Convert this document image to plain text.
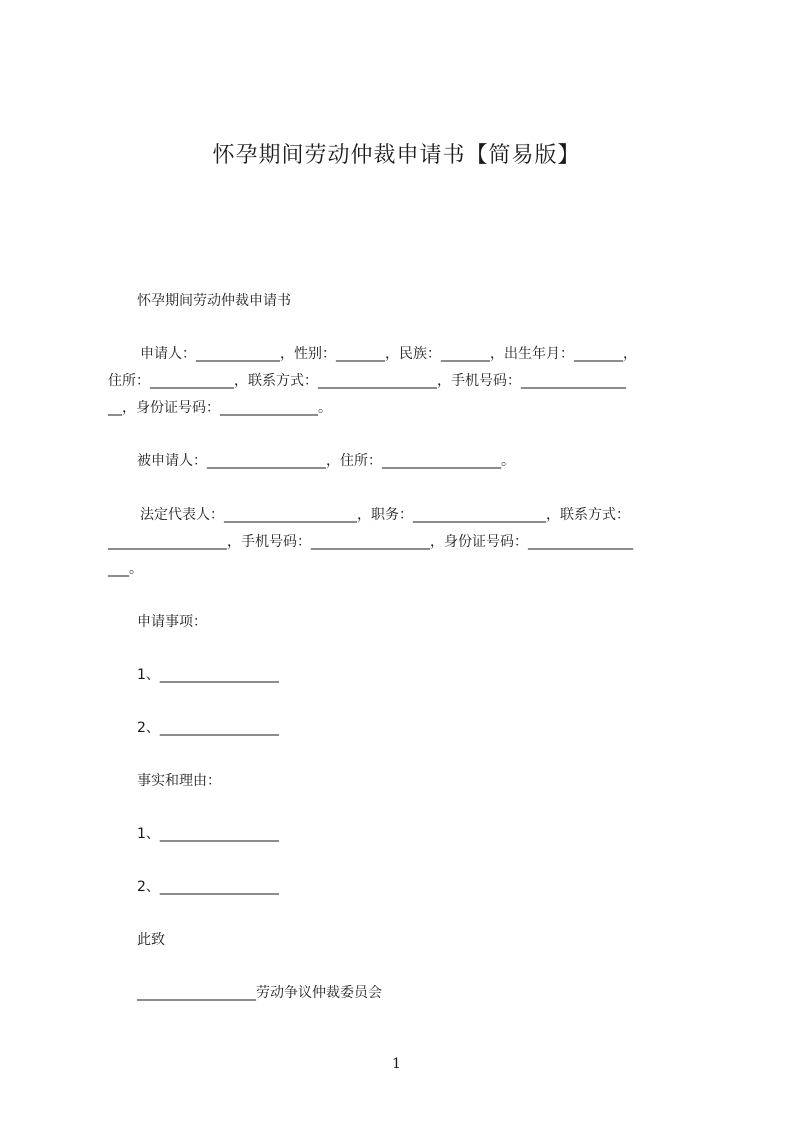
怀孕期间劳动仲裁申请书【简易版】
怀孕期间劳动仲裁申请书
申请人：____________，性别：_______，民族：_______，出生年月：_______，
住所：____________，联系方式：_________________，手机号码：_______________
__，身份证号码：______________。
被申请人：_________________，住所：_________________。
法定代表人：___________________，职务：___________________，联系方式：
_________________，手机号码：_________________，身份证号码：_______________
___。
申请事项：
1、_________________
2、_________________
事实和理由：
1、_________________
2、_________________
此致
_________________劳动争议仲裁委员会
1
